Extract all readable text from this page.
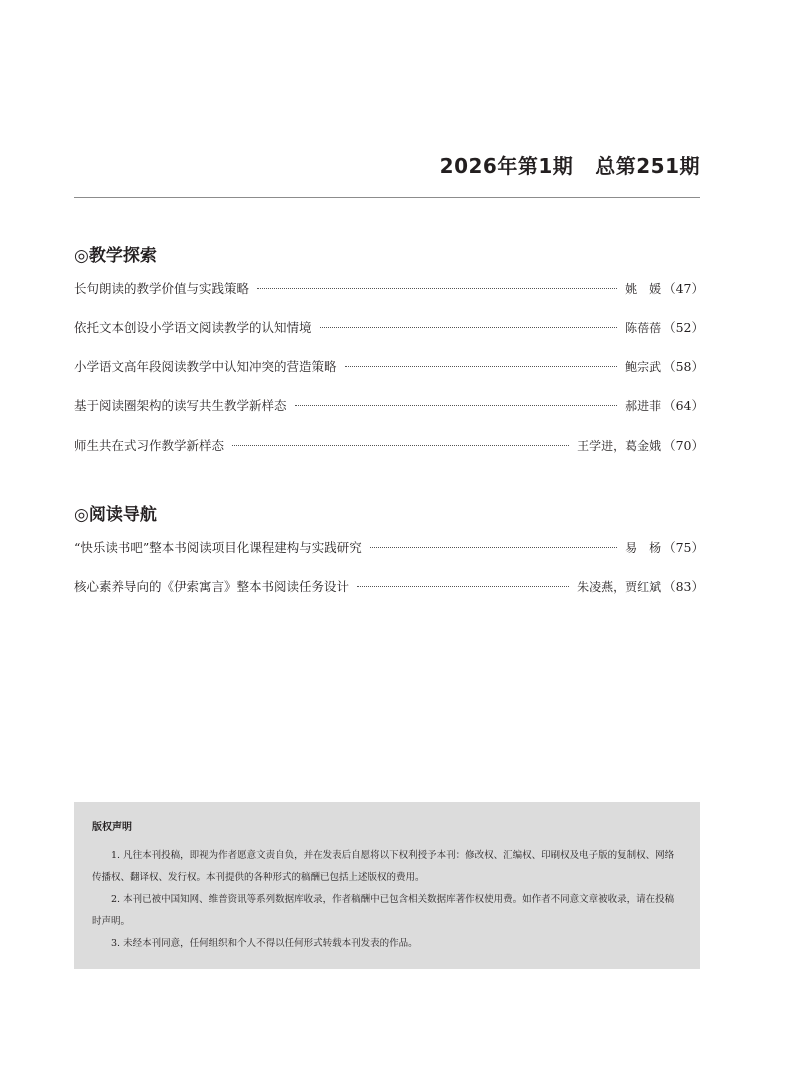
2026年第1期 总第251期
◎教学探索
长句朗读的教学价值与实践策略	姚　媛 （47）
依托文本创设小学语文阅读教学的认知情境	陈蓓蓓 （52）
小学语文高年段阅读教学中认知冲突的营造策略	鲍宗武 （58）
基于阅读圈架构的读写共生教学新样态	郝进菲 （64）
师生共在式习作教学新样态	王学进，葛金娥 （70）
◎阅读导航
“快乐读书吧”整本书阅读项目化课程建构与实践研究	易　杨 （75）
核心素养导向的《伊索寓言》整本书阅读任务设计	朱凌燕，贾红斌 （83）
版权声明

1. 凡往本刊投稿，即视为作者愿意文责自负，并在发表后自愿将以下权利授予本刊：修改权、汇编权、印刷权及电子版的复制权、网络传播权、翻译权、发行权。本刊提供的各种形式的稿酬已包括上述版权的费用。

2. 本刊已被中国知网、维普资讯等系列数据库收录，作者稿酬中已包含相关数据库著作权使用费。如作者不同意文章被收录，请在投稿时声明。

3. 未经本刊同意，任何组织和个人不得以任何形式转载本刊发表的作品。
